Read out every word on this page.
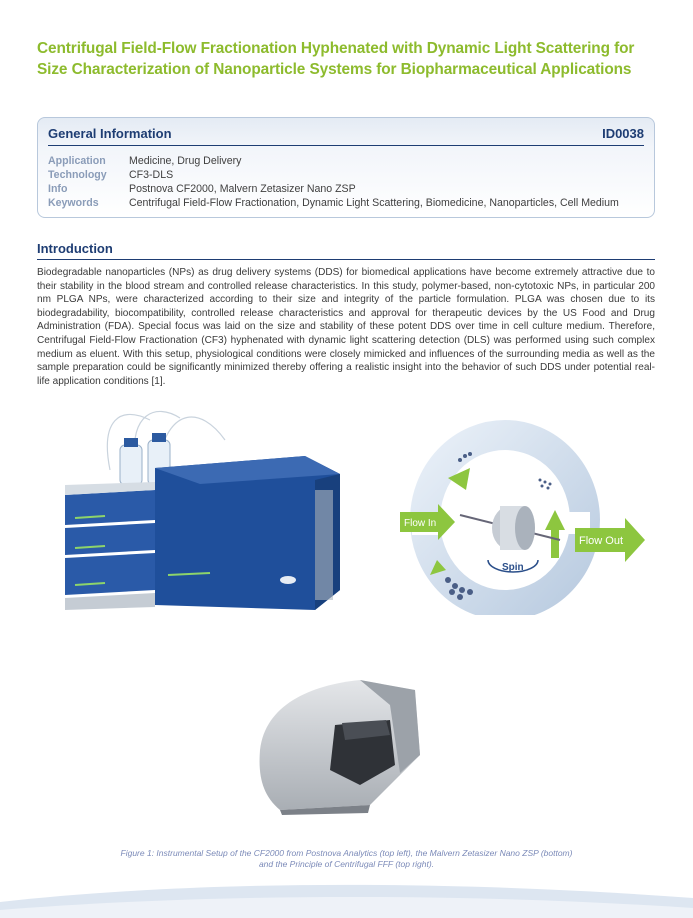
Centrifugal Field-Flow Fractionation Hyphenated with Dynamic Light Scattering for
Size Characterization of Nanoparticle Systems for Biopharmaceutical Applications
General Information	ID0038
Application	Medicine, Drug Delivery
Technology	CF3-DLS
Info	Postnova CF2000, Malvern Zetasizer Nano ZSP
Keywords	Centrifugal Field-Flow Fractionation, Dynamic Light Scattering, Biomedicine, Nanoparticles, Cell Medium
Introduction

Biodegradable nanoparticles (NPs) as drug delivery systems (DDS) for biomedical applications have become extremely attractive due to their stability in the blood stream and controlled release characteristics. In this study, polymer-based, non-cytotoxic NPs, in particular 200 nm PLGA NPs, were characterized according to their size and integrity of the particle formulation. PLGA was chosen due to its biodegradability, biocompatibility, controlled release characteristics and approval for therapeutic devices by the US Food and Drug Administration (FDA). Special focus was laid on the size and stability of these potent DDS over time in cell culture medium. Therefore, Centrifugal Field-Flow Fractionation (CF3) hyphenated with dynamic light scattering detection (DLS) was performed using such complex medium as eluent. With this setup, physiological conditions were closely mimicked and influences of the surrounding media as well as the sample preparation could be significantly minimized thereby offering a realistic insight into the behavior of such DDS under potential real-life application conditions [1].

Flow In
Flow Out
Spin

Figure 1: Instrumental Setup of the CF2000 from Postnova Analytics (top left), the Malvern Zetasizer Nano ZSP (bottom)
and the Principle of Centrifugal FFF (top right).
